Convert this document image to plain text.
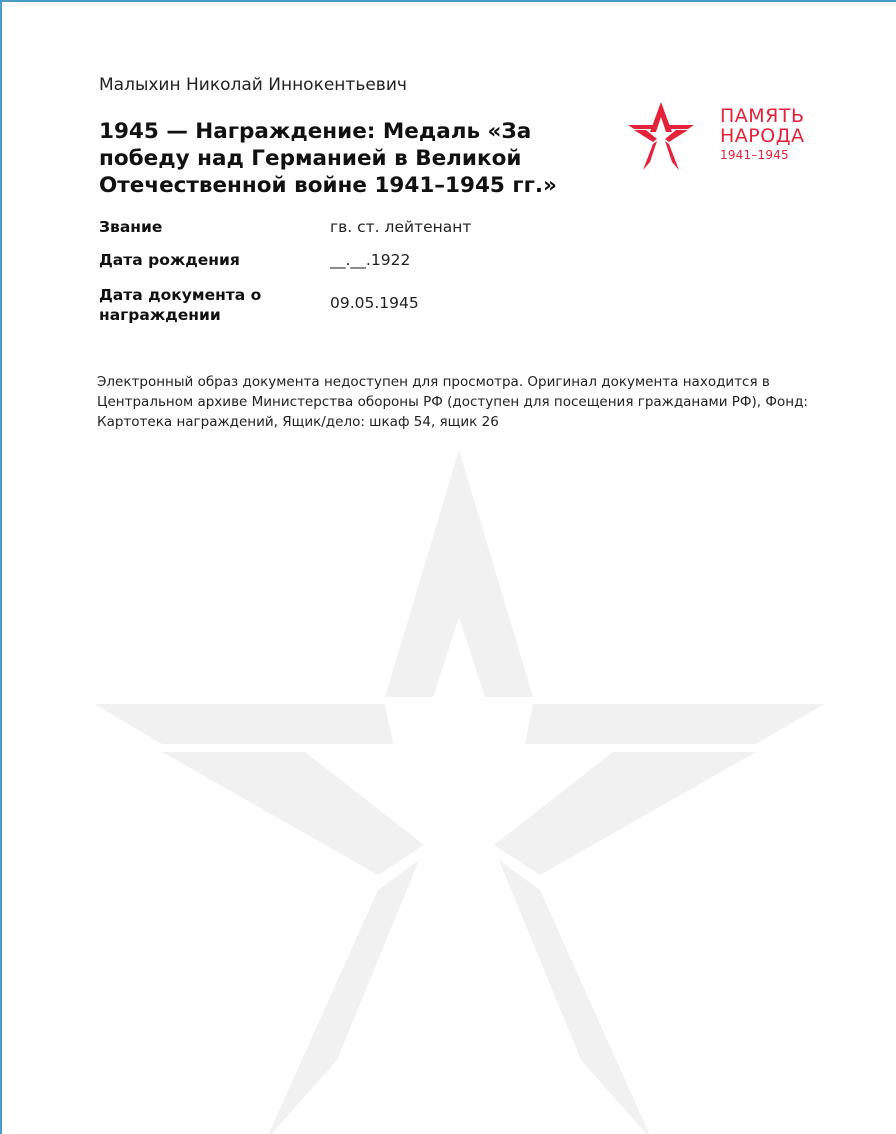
Малыхин Николай Иннокентьевич
1945 — Награждение: Медаль «За победу над Германией в Великой Отечественной войне 1941–1945 гг.»
ПАМЯТЬ
НАРОДА
1941–1945
Звание	гв. ст. лейтенант
Дата рождения	__.__.1922
Дата документа о награждении
09.05.1945
Электронный образ документа недоступен для просмотра. Оригинал документа находится в Центральном архиве Министерства обороны РФ (доступен для посещения гражданами РФ), Фонд: Картотека награждений, Ящик/дело: шкаф 54, ящик 26
